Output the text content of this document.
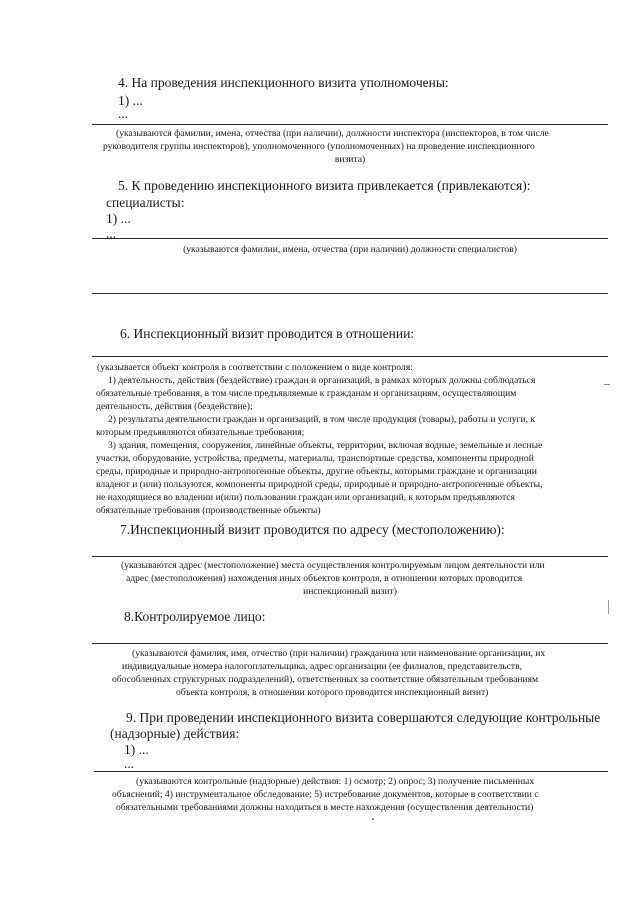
4. На проведения инспекционного визита уполномочены:
1) ...
...
(указываются фамилии, имена, отчества (при наличии), должности инспектора (инспекторов, в том числе
руководителя группы инспекторов), уполномоченного (уполномоченных) на проведение инспекционного
визита)
5. К проведению инспекционного визита привлекается (привлекаются):
специалисты:
1) ...
...
(указываются фамилии, имена, отчества (при наличии) должности специалистов)
6. Инспекционный визит проводится в отношении:
(указывается объект контроля в соответствии с положением о виде контроля:
1) деятельность, действия (бездействие) граждан и организаций, в рамках которых должны соблюдаться
обязательные требования, в том числе предъявляемые к гражданам и организациям, осуществляющим
деятельность, действия (бездействие);
2) результаты деятельности граждан и организаций, в том числе продукция (товары), работы и услуги, к
которым предъявляются обязательные требования;
3) здания, помещения, сооружения, линейные объекты, территории, включая водные, земельные и лесные
участки, оборудование, устройства, предметы, материалы, транспортные средства, компоненты природной
среды, природные и природно-антропогенные объекты, другие объекты, которыми граждане и организации
владеют и (или) пользуются, компоненты природной среды, природные и природно-антропогенные объекты,
не находящиеся во владении и(или) пользовании граждан или организаций, к которым предъявляются
обязательные требования (производственные объекты)
7.Инспекционный визит проводится по адресу (местоположению):
(указываются адрес (местоположение) места осуществления контролируемым лицом деятельности или
адрес (местоположения) нахождения иных объектов контроля, в отношении которых проводится
инспекционный визит)
8.Контролируемое лицо:
(указываются фамилия, имя, отчество (при наличии) гражданина или наименование организации, их
индивидуальные номера налогоплательщика, адрес организации (ее филиалов, представительств,
обособленных структурных подразделений), ответственных за соответствие обязательным требованиям
объекта контроля, в отношении которого проводится инспекционный визит)
9. При проведении инспекционного визита совершаются следующие контрольные
(надзорные) действия:
1) ...
...
(указываются контрольные (надзорные) действия: 1) осмотр; 2) опрос; 3) получение письменных
объяснений; 4) инструментальное обследование; 5) истребование документов, которые в соответствии с
обязательными требованиями должны находиться в месте нахождения (осуществления деятельности)
